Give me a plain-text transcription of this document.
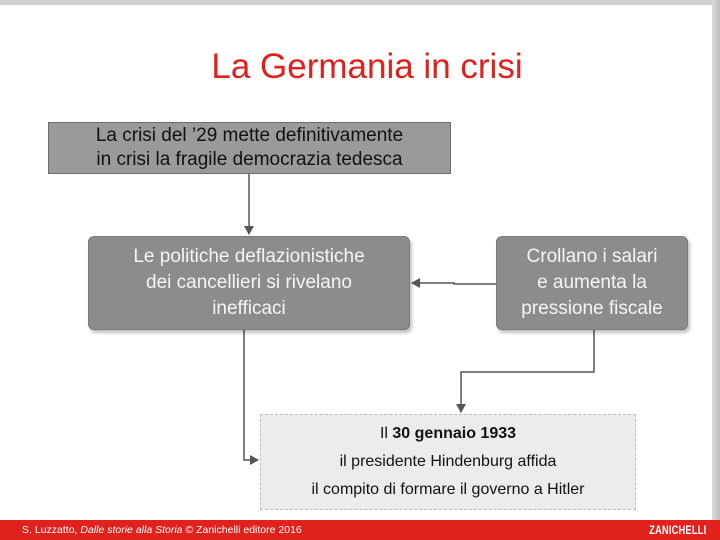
La Germania in crisi
La crisi del ’29 mette definitivamente
in crisi la fragile democrazia tedesca
Le politiche deflazionistiche
dei cancellieri si rivelano
inefficaci
Crollano i salari
e aumenta la
pressione fiscale
Il 30 gennaio 1933
il presidente Hindenburg affida
il compito di formare il governo a Hitler
S. Luzzatto, Dalle storie alla Storia © Zanichelli editore 2016	ZANICHELLI
